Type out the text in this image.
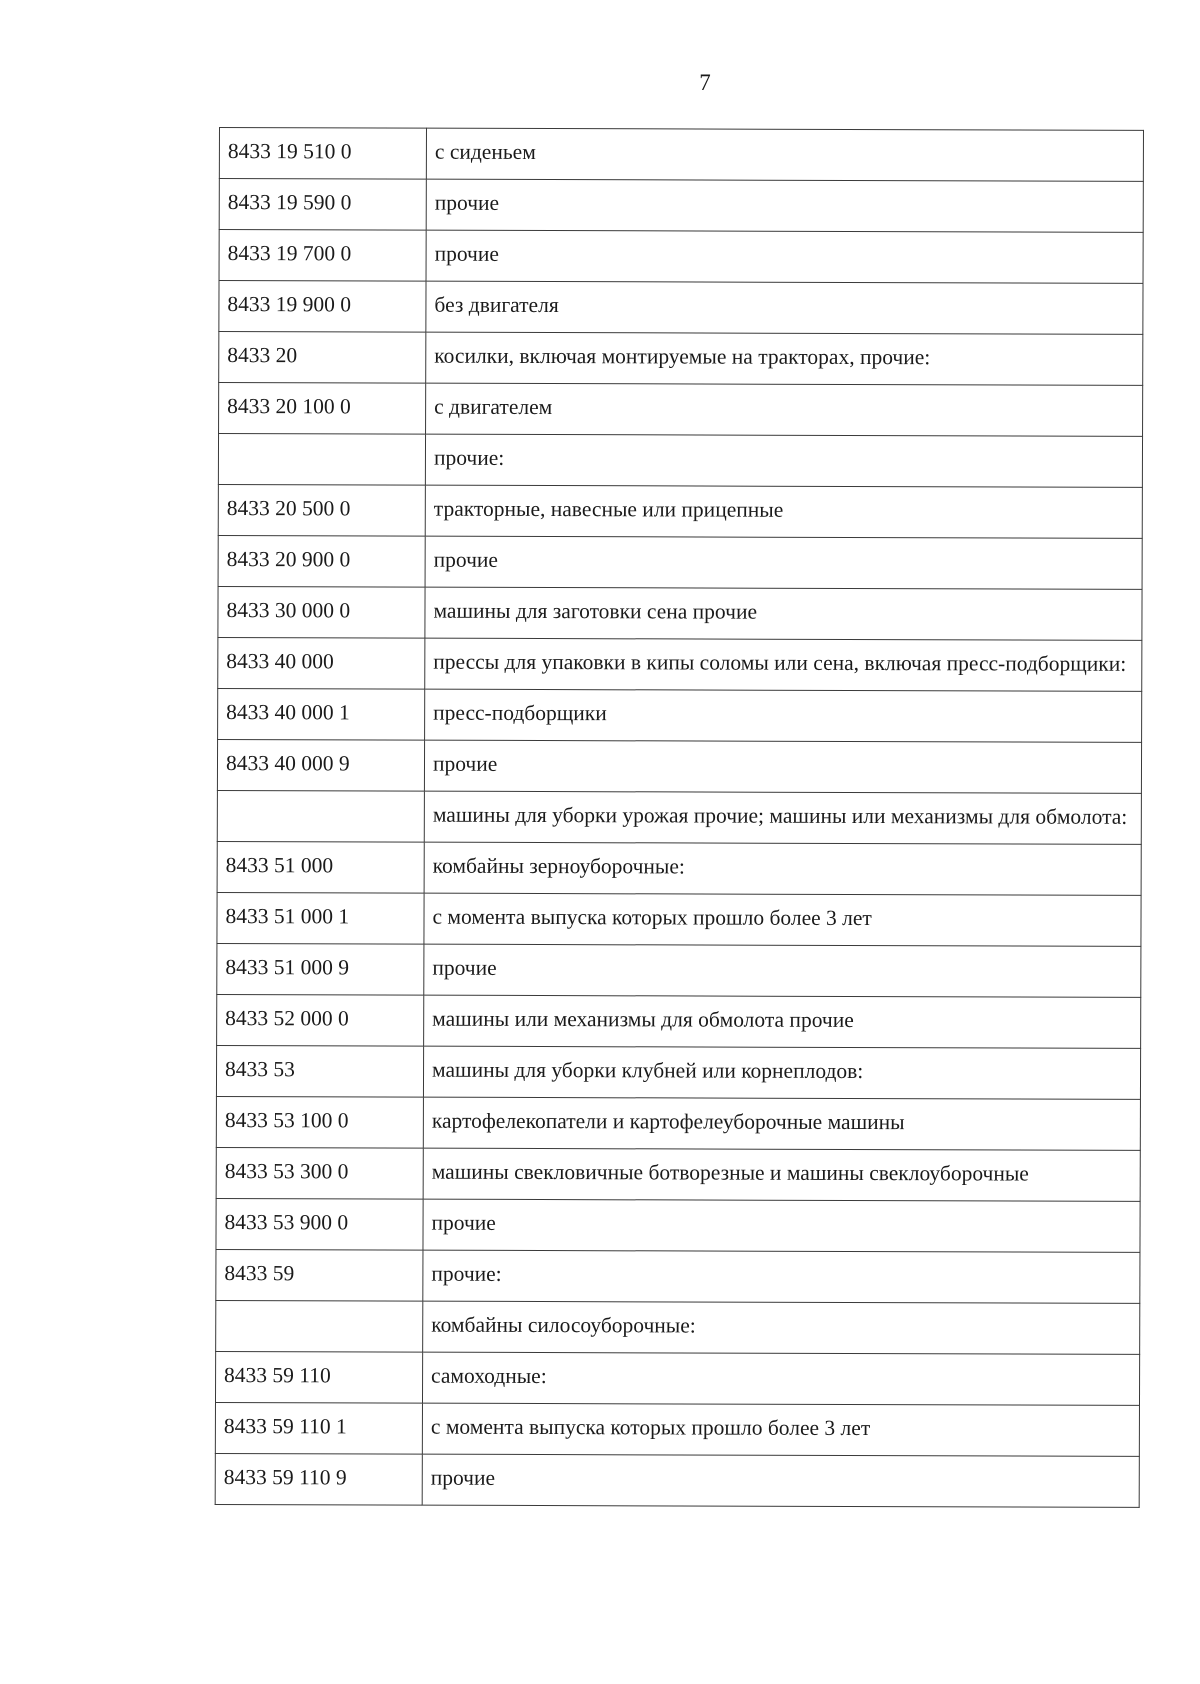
7
8433 19 510 0	с сиденьем
8433 19 590 0	прочие
8433 19 700 0	прочие
8433 19 900 0	без двигателя
8433 20	косилки, включая монтируемые на тракторах, прочие:
8433 20 100 0	с двигателем
	прочие:
8433 20 500 0	тракторные, навесные или прицепные
8433 20 900 0	прочие
8433 30 000 0	машины для заготовки сена прочие
8433 40 000	прессы для упаковки в кипы соломы или сена, включая пресс-подборщики:
8433 40 000 1	пресс-подборщики
8433 40 000 9	прочие
	машины для уборки урожая прочие; машины или механизмы для обмолота:
8433 51 000	комбайны зерноуборочные:
8433 51 000 1	с момента выпуска которых прошло более 3 лет
8433 51 000 9	прочие
8433 52 000 0	машины или механизмы для обмолота прочие
8433 53	машины для уборки клубней или корнеплодов:
8433 53 100 0	картофелекопатели и картофелеуборочные машины
8433 53 300 0	машины свекловичные ботворезные и машины свеклоуборочные
8433 53 900 0	прочие
8433 59	прочие:
	комбайны силосоуборочные:
8433 59 110	самоходные:
8433 59 110 1	с момента выпуска которых прошло более 3 лет
8433 59 110 9	прочие
